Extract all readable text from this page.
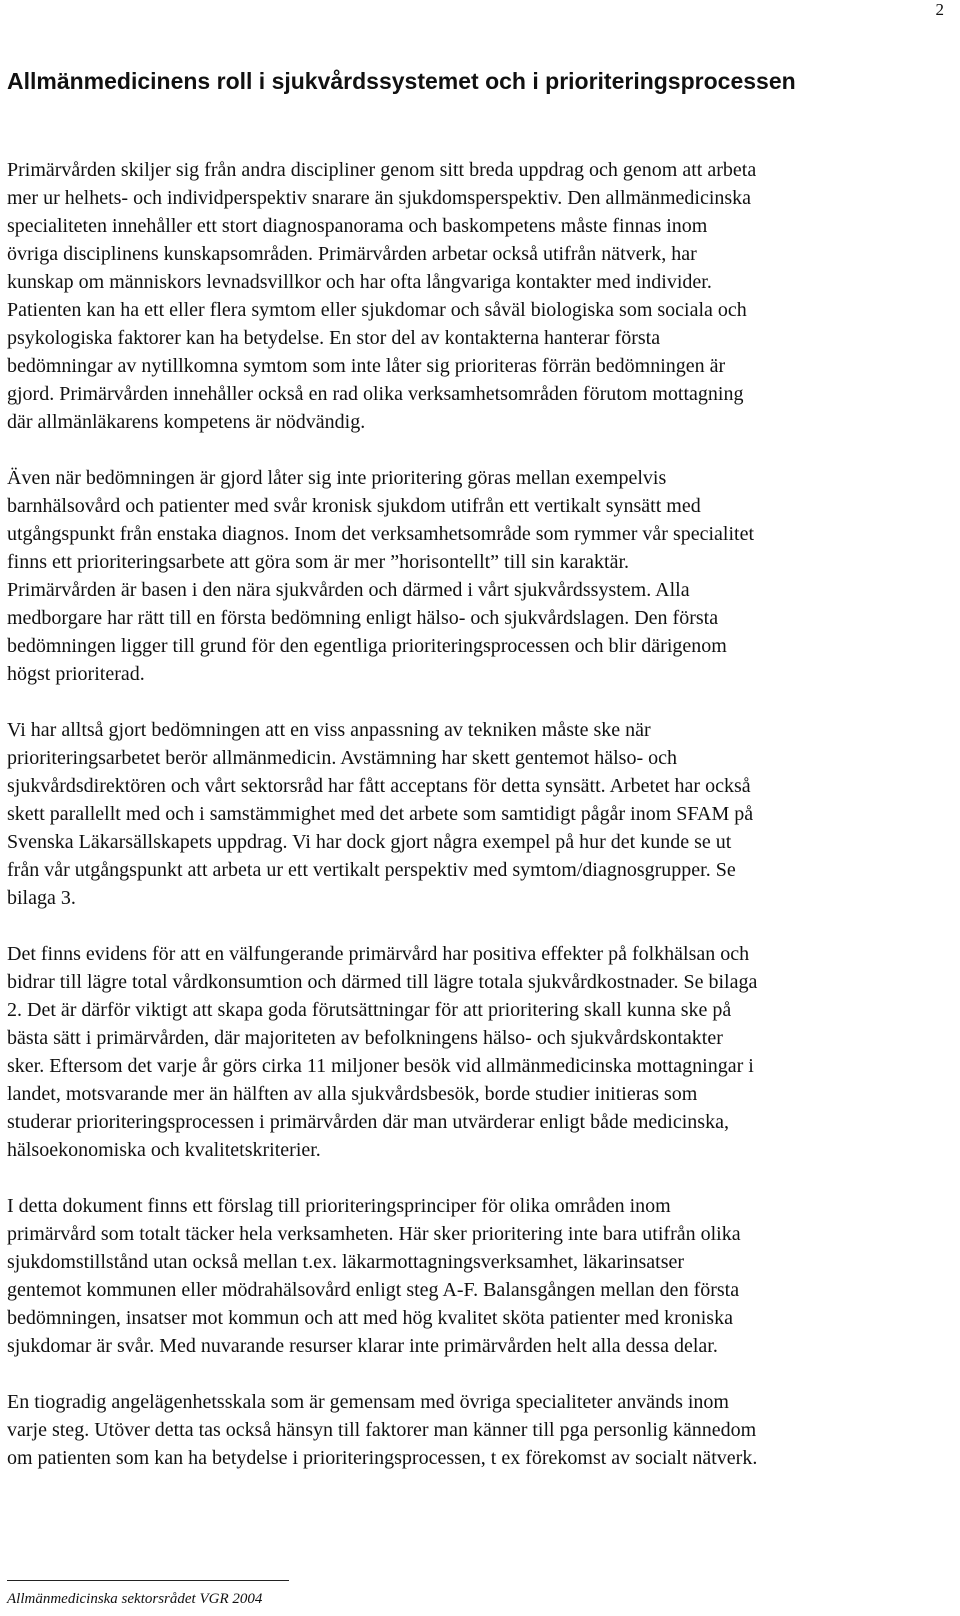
2
Allmänmedicinens roll i sjukvårdssystemet och i prioriteringsprocessen

Primärvården skiljer sig från andra discipliner genom sitt breda uppdrag och genom att arbeta
mer ur helhets- och individperspektiv snarare än sjukdomsperspektiv. Den allmänmedicinska
specialiteten innehåller ett stort diagnospanorama och baskompetens måste finnas inom
övriga disciplinens kunskapsområden. Primärvården arbetar också utifrån nätverk, har
kunskap om människors levnadsvillkor och har ofta långvariga kontakter med individer.
Patienten kan ha ett eller flera symtom eller sjukdomar och såväl biologiska som sociala och
psykologiska faktorer kan ha betydelse. En stor del av kontakterna hanterar första
bedömningar av nytillkomna symtom som inte låter sig prioriteras förrän bedömningen är
gjord. Primärvården innehåller också en rad olika verksamhetsområden förutom mottagning
där allmänläkarens kompetens är nödvändig.

Även när bedömningen är gjord låter sig inte prioritering göras mellan exempelvis
barnhälsovård och patienter med svår kronisk sjukdom utifrån ett vertikalt synsätt med
utgångspunkt från enstaka diagnos. Inom det verksamhetsområde som rymmer vår specialitet
finns ett prioriteringsarbete att göra som är mer ”horisontellt” till sin karaktär.
Primärvården är basen i den nära sjukvården och därmed i vårt sjukvårdssystem. Alla
medborgare har rätt till en första bedömning enligt hälso- och sjukvårdslagen. Den första
bedömningen ligger till grund för den egentliga prioriteringsprocessen och blir därigenom
högst prioriterad.

Vi har alltså gjort bedömningen att en viss anpassning av tekniken måste ske när
prioriteringsarbetet berör allmänmedicin. Avstämning har skett gentemot hälso- och
sjukvårdsdirektören och vårt sektorsråd har fått acceptans för detta synsätt. Arbetet har också
skett parallellt med och i samstämmighet med det arbete som samtidigt pågår inom SFAM på
Svenska Läkarsällskapets uppdrag. Vi har dock gjort några exempel på hur det kunde se ut
från vår utgångspunkt att arbeta ur ett vertikalt perspektiv med symtom/diagnosgrupper. Se
bilaga 3.

Det finns evidens för att en välfungerande primärvård har positiva effekter på folkhälsan och
bidrar till lägre total vårdkonsumtion och därmed till lägre totala sjukvårdkostnader. Se bilaga
2. Det är därför viktigt att skapa goda förutsättningar för att prioritering skall kunna ske på
bästa sätt i primärvården, där majoriteten av befolkningens hälso- och sjukvårdskontakter
sker. Eftersom det varje år görs cirka 11 miljoner besök vid allmänmedicinska mottagningar i
landet, motsvarande mer än hälften av alla sjukvårdsbesök, borde studier initieras som
studerar prioriteringsprocessen i primärvården där man utvärderar enligt både medicinska,
hälsoekonomiska och kvalitetskriterier.

I detta dokument finns ett förslag till prioriteringsprinciper för olika områden inom
primärvård som totalt täcker hela verksamheten. Här sker prioritering inte bara utifrån olika
sjukdomstillstånd utan också mellan t.ex. läkarmottagningsverksamhet, läkarinsatser
gentemot kommunen eller mödrahälsovård enligt steg A-F. Balansgången mellan den första
bedömningen, insatser mot kommun och att med hög kvalitet sköta patienter med kroniska
sjukdomar är svår. Med nuvarande resurser klarar inte primärvården helt alla dessa delar.

En tiogradig angelägenhetsskala som är gemensam med övriga specialiteter används inom
varje steg. Utöver detta tas också hänsyn till faktorer man känner till pga personlig kännedom
om patienten som kan ha betydelse i prioriteringsprocessen, t ex förekomst av socialt nätverk.

Allmänmedicinska sektorsrådet VGR 2004
